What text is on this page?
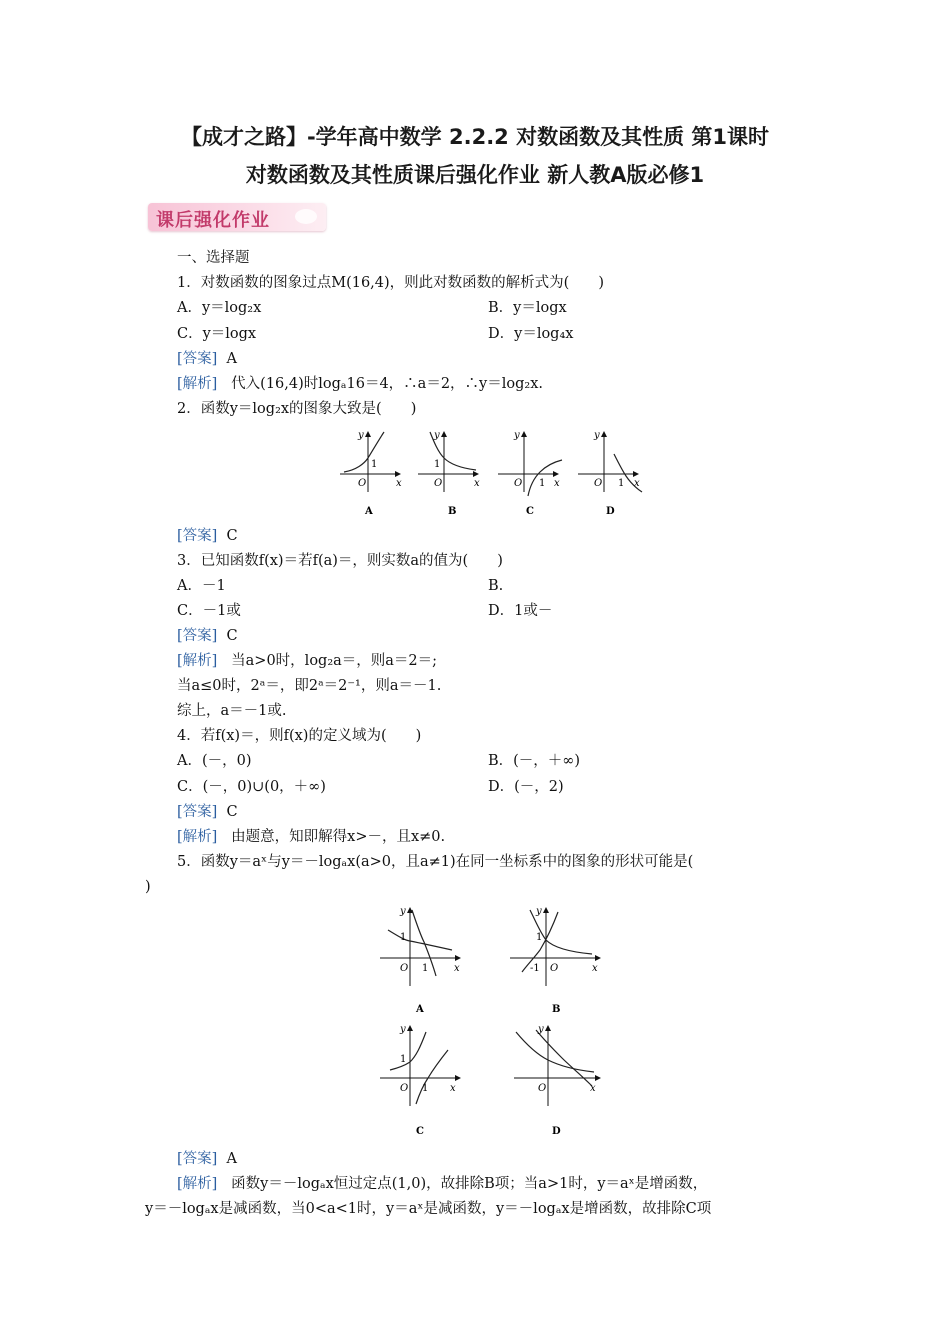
【成才之路】-学年高中数学 2.2.2 对数函数及其性质 第1课时
对数函数及其性质课后强化作业 新人教A版必修1
课后强化作业
一、选择题
1．对数函数的图象过点M(16,4)，则此对数函数的解析式为(　　)
A．y＝log₂x	B．y＝logx
C．y＝logx	D．y＝log₄x
[答案] A
[解析] 代入(16,4)时logₐ16＝4，∴a＝2，∴y＝log₂x.
2．函数y＝log₂x的图象大致是(　　)
O	x
y
1
A
O	x
y
1
B
O 1 x
y
C
O 1 x
y
D
[答案] C
3．已知函数f(x)＝若f(a)＝，则实数a的值为(　　)
A．－1	B.
C．－1或	D．1或－
[答案] C
[解析] 当a>0时，log₂a＝，则a＝2＝;
当a≤0时，2ᵃ＝，即2ᵃ＝2⁻¹，则a＝－1.
综上，a＝－1或.
4．若f(x)＝，则f(x)的定义域为(　　)
A．(－，0)	B．(－，＋∞)
C．(－，0)∪(0，＋∞)	D．(－，2)
[答案] C
[解析] 由题意，知即解得x>－，且x≠0.
5．函数y＝aˣ与y＝－logₐx(a>0，且a≠1)在同一坐标系中的图象的形状可能是(
)
O 1	x
y
1
A
-1 O	x
y
1
B
O 1 x
y
1
C
O	x
y
D
[答案] A
[解析] 函数y＝－logₐx恒过定点(1,0)，故排除B项；当a>1时，y＝aˣ是增函数，
y＝－logₐx是减函数，当0<a<1时，y＝aˣ是减函数，y＝－logₐx是增函数，故排除C项
